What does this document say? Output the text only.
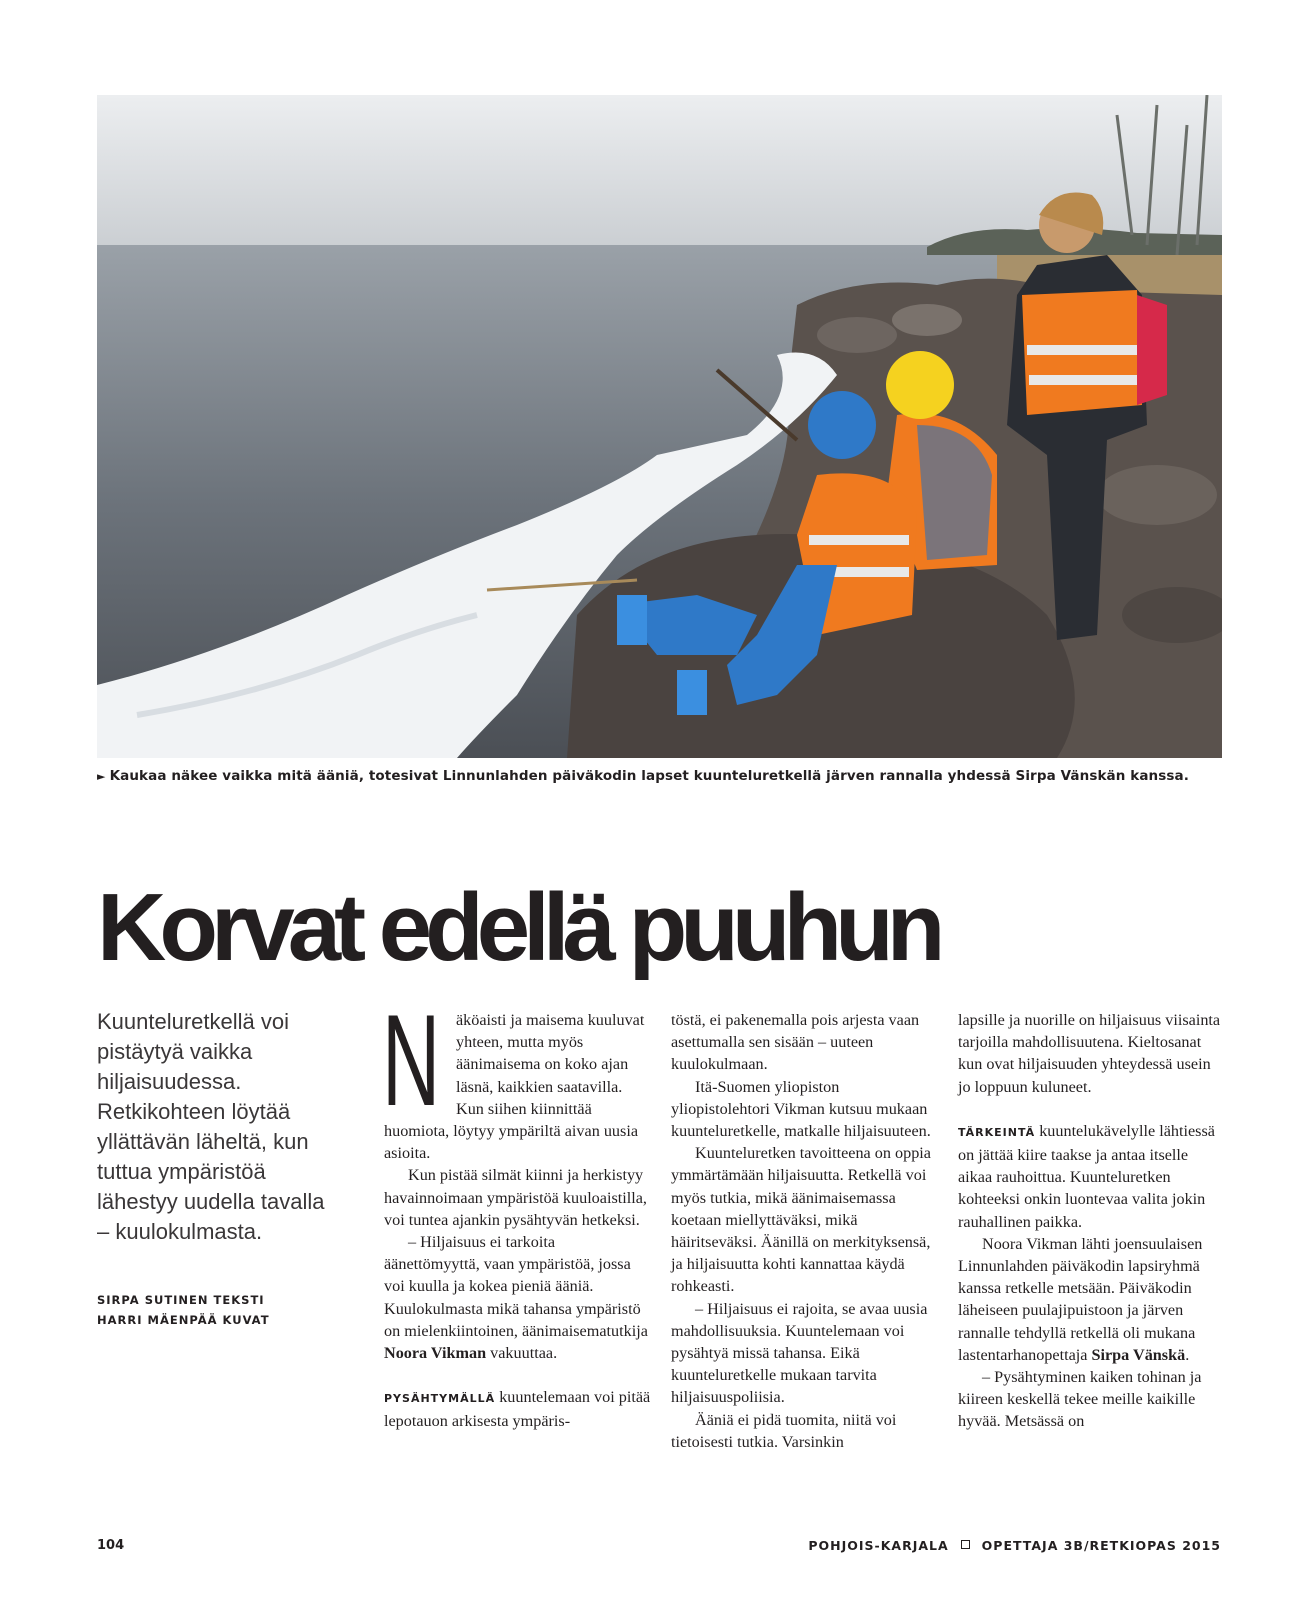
► Kaukaa näkee vaikka mitä ääniä, totesivat Linnunlahden päiväkodin lapset kuunteluretkellä järven rannalla yhdessä Sirpa Vänskän kanssa.
Korvat edellä puuhun

Kuunteluretkellä voi pistäytyä vaikka hiljaisuudessa. Retkikohteen löytää yllättävän läheltä, kun tuttua ympäristöä lähestyy uudella tavalla – kuulokulmasta.

SIRPA SUTINEN TEKSTI
HARRI MÄENPÄÄ KUVAT
N äköaisti ja maisema kuuluvat yhteen, mutta myös äänimaisema on koko ajan läsnä, kaikkien saatavilla. Kun siihen kiinnittää huomiota, löytyy ympäriltä aivan uusia asioita.

Kun pistää silmät kiinni ja herkistyy havainnoimaan ympäristöä kuuloaistilla, voi tuntea ajankin pysähtyvän hetkeksi.

– Hiljaisuus ei tarkoita äänettömyyttä, vaan ympäristöä, jossa voi kuulla ja kokea pieniä ääniä. Kuulokulmasta mikä tahansa ympäristö on mielenkiintoinen, äänimaisematutkija Noora Vikman vakuuttaa.

PYSÄHTYMÄLLÄ kuuntelemaan voi pitää lepotauon arkisesta ympäris-

töstä, ei pakenemalla pois arjesta vaan asettumalla sen sisään – uuteen kuulokulmaan.

Itä-Suomen yliopiston yliopistolehtori Vikman kutsuu mukaan kuunteluretkelle, matkalle hiljaisuuteen.

Kuunteluretken tavoitteena on oppia ymmärtämään hiljaisuutta. Retkellä voi myös tutkia, mikä äänimaisemassa koetaan miellyttäväksi, mikä häiritseväksi. Äänillä on merkityksensä, ja hiljaisuutta kohti kannattaa käydä rohkeasti.

– Hiljaisuus ei rajoita, se avaa uusia mahdollisuuksia. Kuuntelemaan voi pysähtyä missä tahansa. Eikä kuunteluretkelle mukaan tarvita hiljaisuuspoliisia.

Ääniä ei pidä tuomita, niitä voi tietoisesti tutkia. Varsinkin

lapsille ja nuorille on hiljaisuus viisainta tarjoilla mahdollisuutena. Kieltosanat kun ovat hiljaisuuden yhteydessä usein jo loppuun kuluneet.

TÄRKEINTÄ kuuntelukävelylle lähtiessä on jättää kiire taakse ja antaa itselle aikaa rauhoittua. Kuunteluretken kohteeksi onkin luontevaa valita jokin rauhallinen paikka.

Noora Vikman lähti joensuulaisen Linnunlahden päiväkodin lapsiryhmä kanssa retkelle metsään. Päiväkodin läheiseen puulajipuistoon ja järven rannalle tehdyllä retkellä oli mukana lastentarhanopettaja Sirpa Vänskä.

– Pysähtyminen kaiken tohinan ja kiireen keskellä tekee meille kaikille hyvää. Metsässä on

104	POHJOIS-KARJALA	OPETTAJA 3B/RETKIOPAS 2015
